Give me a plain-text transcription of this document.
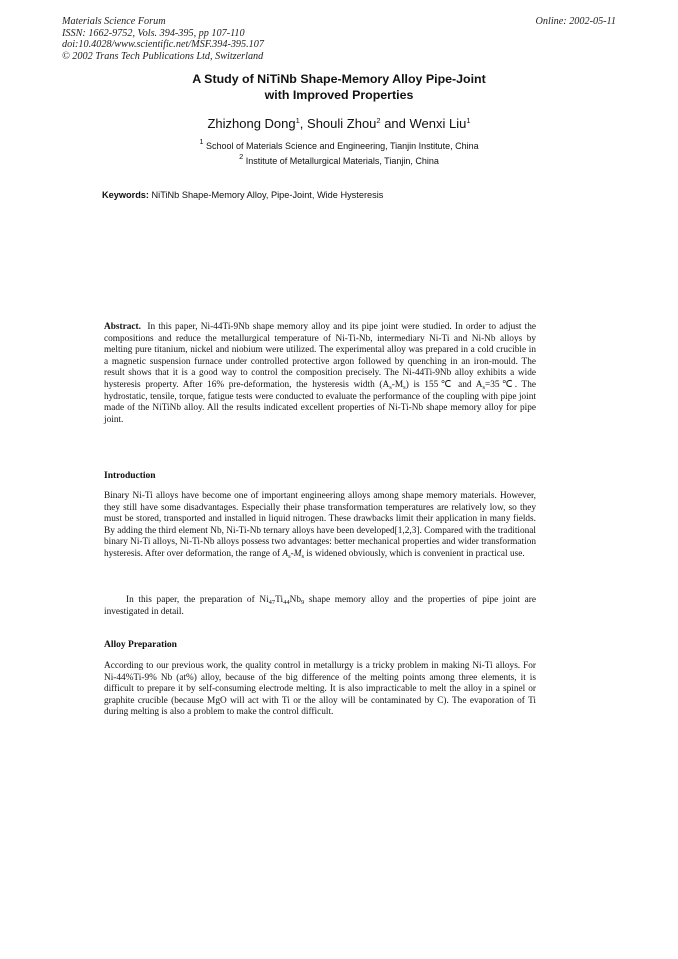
Materials Science Forum
ISSN: 1662-9752, Vols. 394-395, pp 107-110
doi:10.4028/www.scientific.net/MSF.394-395.107
© 2002 Trans Tech Publications Ltd, Switzerland
Online: 2002-05-11
A Study of NiTiNb Shape-Memory Alloy Pipe-Joint
with Improved Properties
Zhizhong Dong$^1$, Shouli Zhou$^2$ and Wenxi Liu$^1$
$^1$ School of Materials Science and Engineering, Tianjin Institute, China
$^2$ Institute of Metallurgical Materials, Tianjin, China
Keywords: NiTiNb Shape-Memory Alloy, Pipe-Joint, Wide Hysteresis

Abstract. In this paper, Ni-44Ti-9Nb shape memory alloy and its pipe joint were studied. In order to adjust the compositions and reduce the metallurgical temperature of Ni-Ti-Nb, intermediary Ni-Ti and Ni-Nb alloys by melting pure titanium, nickel and niobium were utilized. The experimental alloy was prepared in a cold crucible in a magnetic suspension furnace under controlled protective argon followed by quenching in an iron-mould. The result shows that it is a good way to control the composition precisely. The Ni-44Ti-9Nb alloy exhibits a wide hysteresis property. After 16% pre-deformation, the hysteresis width $(A_s-M_s)$ is 155℃ and $A_s=35℃$. The hydrostatic, tensile, torque, fatigue tests were conducted to evaluate the performance of the coupling with pipe joint made of the NiTiNb alloy. All the results indicated excellent properties of Ni-Ti-Nb shape memory alloy for pipe joint.

Introduction

Binary Ni-Ti alloys have become one of important engineering alloys among shape memory materials. However, they still have some disadvantages. Especially their phase transformation temperatures are relatively low, so they must be stored, transported and installed in liquid nitrogen. These drawbacks limit their application in many fields. By adding the third element Nb, Ni-Ti-Nb ternary alloys have been developed[1,2,3]. Compared with the traditional binary Ni-Ti alloys, Ni-Ti-Nb alloys possess two advantages: better mechanical properties and wider transformation hysteresis. After over deformation, the range of $A_s-M_s$ is widened obviously, which is convenient in practical use.

In this paper, the preparation of $Ni_{47}Ti_{44}Nb_9$ shape memory alloy and the properties of pipe joint are investigated in detail.

Alloy Preparation

According to our previous work, the quality control in metallurgy is a tricky problem in making Ni-Ti alloys. For Ni-44%Ti-9% Nb (at%) alloy, because of the big difference of the melting points among three elements, it is difficult to prepare it by self-consuming electrode melting. It is also impracticable to melt the alloy in a spinel or graphite crucible (because MgO will act with Ti or the alloy will be contaminated by C). The evaporation of Ti during melting is also a problem to make the control difficult.
